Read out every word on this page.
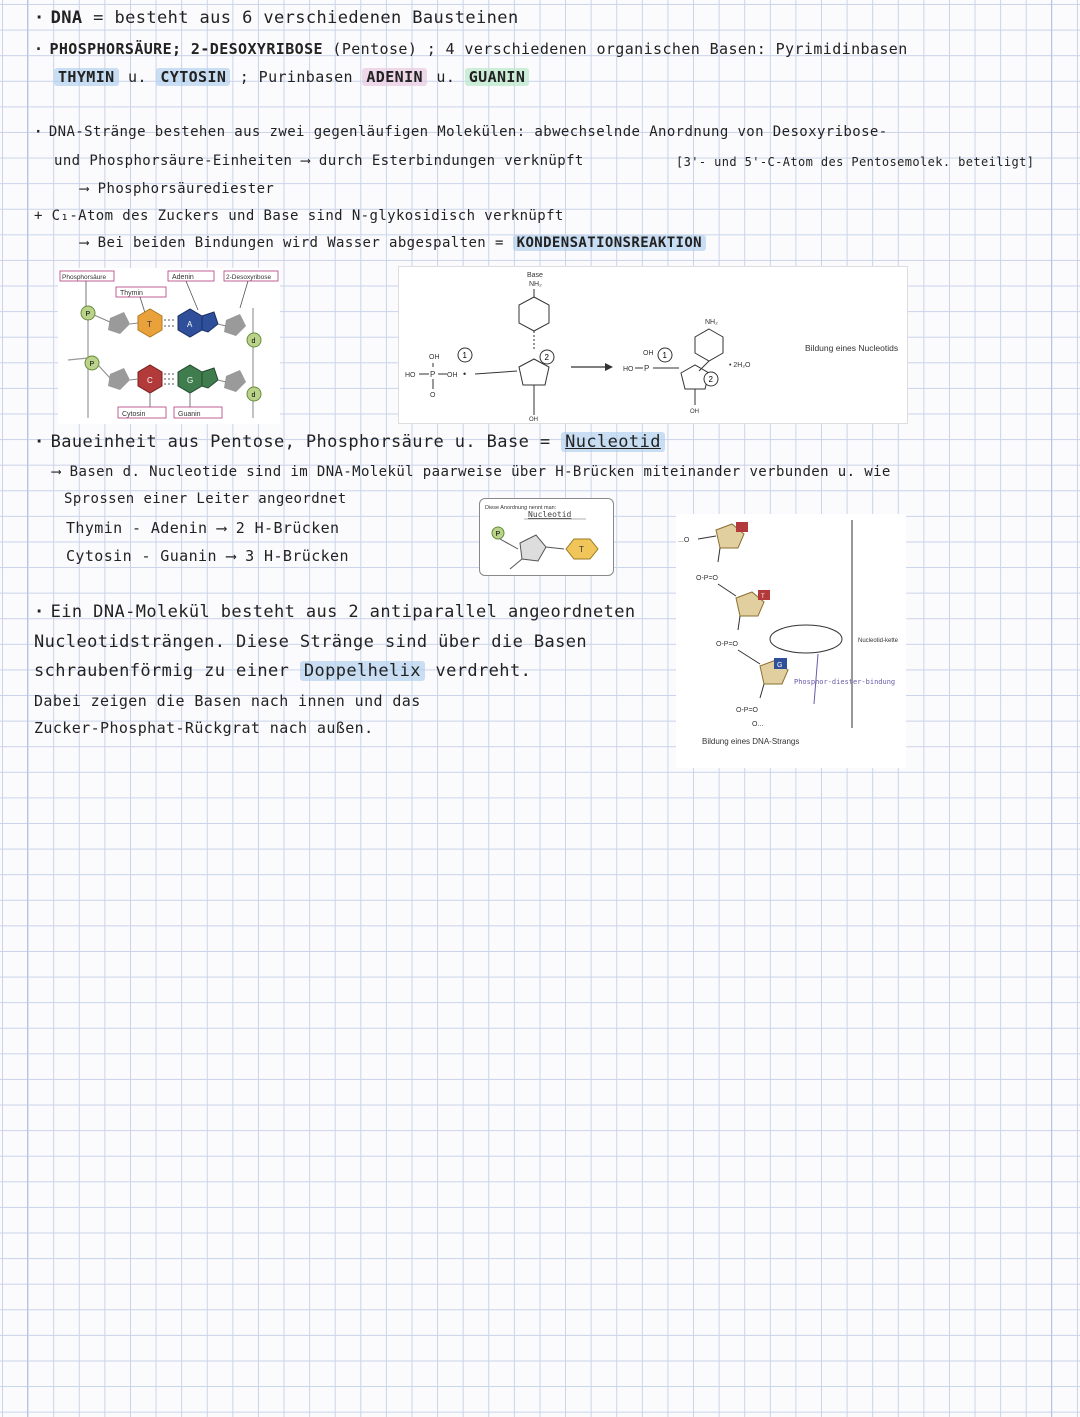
· DNA = besteht aus 6 verschiedenen Bausteinen
· PHOSPHORSÄURE; 2-DESOXYRIBOSE (Pentose) ; 4 verschiedenen organischen Basen: Pyrimidinbasen
THYMIN u. CYTOSIN ; Purinbasen ADENIN u. GUANIN
· DNA-Stränge bestehen aus zwei gegenläufigen Molekülen: abwechselnde Anordnung von Desoxyribose-
und Phosphorsäure-Einheiten ⟶ durch Esterbindungen verknüpft	[3'- und 5'-C-Atom des Pentosemolek. beteiligt]
⟶ Phosphorsäurediester
+ C₁-Atom des Zuckers und Base sind N-glykosidisch verknüpft
⟶ Bei beiden Bindungen wird Wasser abgespalten = KONDENSATIONSREAKTION
Phosphorsäure	Adenin	2-Desoxyribose
Thymin
P
P
T
C
A
G
d
d
Cytosin	Guanin
Base
NH₂
2
OH
OH
HO P
O
OH •
1
HO P
OH 1
NH₂
2
OH
• 2H₂O
Bildung eines Nucleotids
· Baueinheit aus Pentose, Phosphorsäure u. Base = Nucleotid
⟶ Basen d. Nucleotide sind im DNA-Molekül paarweise über H-Brücken miteinander verbunden u. wie
Sprossen einer Leiter angeordnet
Thymin - Adenin ⟶ 2 H-Brücken
Cytosin - Guanin ⟶ 3 H-Brücken
Diese Anordnung nennt man:
Nucleotid
P
T
· Ein DNA-Molekül besteht aus 2 antiparallel angeordneten
Nucleotidsträngen. Diese Stränge sind über die Basen
schraubenförmig zu einer Doppelhelix verdreht.
Dabei zeigen die Basen nach innen und das
Zucker-Phosphat-Rückgrat nach außen.
...O
O-P=O
T
O-P=O
G
O-P=O
O...
Nucleotid-kette
Phosphor-diester-bindung
Bildung eines DNA-Strangs
